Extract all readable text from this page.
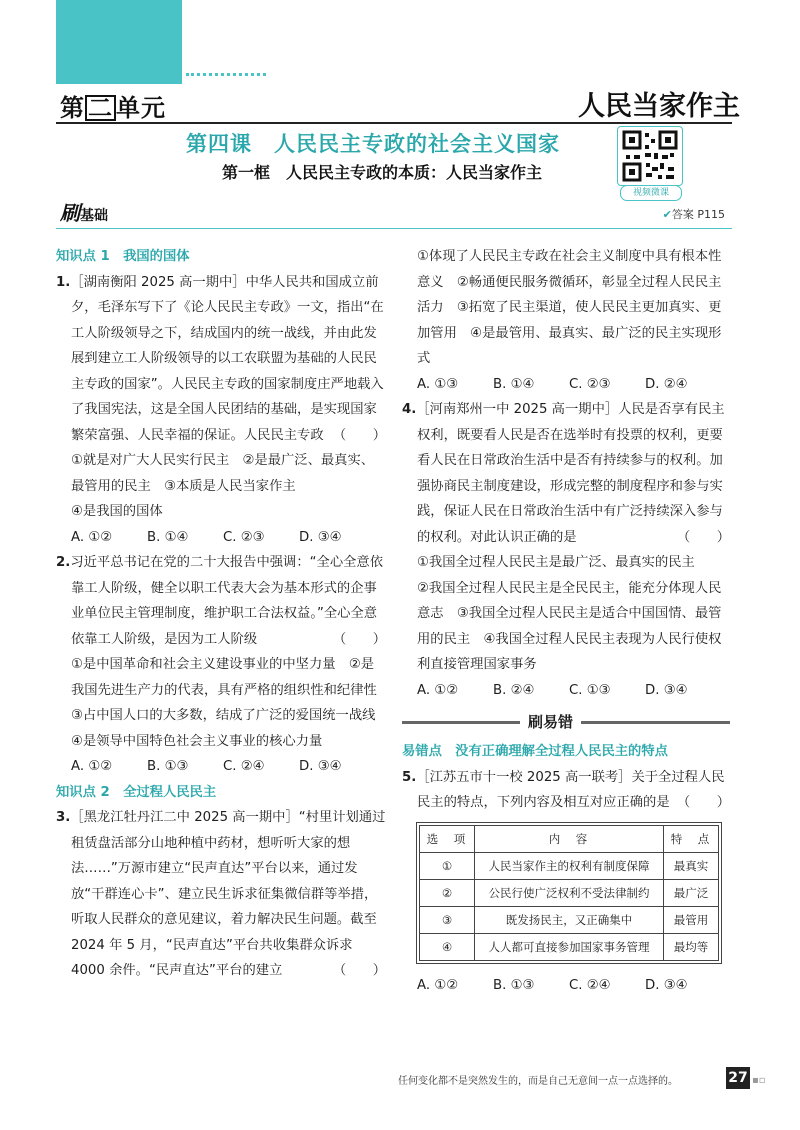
第 二 单元	人民当家作主
第四课　人民民主专政的社会主义国家
第一框　人民民主专政的本质：人民当家作主
视频微课
刷基础	✔答案 P115

知识点 1　我国的国体

1.［湖南衡阳 2025 高一期中］中华人民共和国成立前夕，毛泽东写下了《论人民民主专政》一文，指出“在工人阶级领导之下，结成国内的统一战线，并由此发展到建立工人阶级领导的以工农联盟为基础的人民民主专政的国家”。人民民主专政的国家制度庄严地载入了我国宪法，这是全国人民团结的基础，是实现国家繁荣富强、人民幸福的保证。人民民主专政 （　　）

①就是对广大人民实行民主　②是最广泛、最真实、最管用的民主　③本质是人民当家作主

④是我国的国体

A. ①②	B. ①④	C. ②③	D. ③④

2.习近平总书记在党的二十大报告中强调：“全心全意依靠工人阶级，健全以职工代表大会为基本形式的企事业单位民主管理制度，维护职工合法权益。”全心全意依靠工人阶级，是因为工人阶级	（　　）

①是中国革命和社会主义建设事业的中坚力量　②是我国先进生产力的代表，具有严格的组织性和纪律性　③占中国人口的大多数，结成了广泛的爱国统一战线　④是领导中国特色社会主义事业的核心力量

A. ①②	B. ①③	C. ②④	D. ③④

知识点 2　全过程人民民主

3.［黑龙江牡丹江二中 2025 高一期中］“村里计划通过租赁盘活部分山地种植中药材，想听听大家的想法……”万源市建立“民声直达”平台以来，通过发放“干群连心卡”、建立民生诉求征集微信群等举措，听取人民群众的意见建议，着力解决民生问题。截至 2024 年 5 月，“民声直达”平台共收集群众诉求 4000 余件。“民声直达”平台的建立	（　　）

①体现了人民民主专政在社会主义制度中具有根本性意义　②畅通便民服务微循环，彰显全过程人民民主活力　③拓宽了民主渠道，使人民民主更加真实、更加管用　④是最管用、最真实、最广泛的民主实现形式

A. ①③	B. ①④	C. ②③	D. ②④

4.［河南郑州一中 2025 高一期中］人民是否享有民主权利，既要看人民是否在选举时有投票的权利，更要看人民在日常政治生活中是否有持续参与的权利。加强协商民主制度建设，形成完整的制度程序和参与实践，保证人民在日常政治生活中有广泛持续深入参与的权利。对此认识正确的是	（　　）

①我国全过程人民民主是最广泛、最真实的民主

②我国全过程人民民主是全民民主，能充分体现人民意志　③我国全过程人民民主是适合中国国情、最管用的民主　④我国全过程人民民主表现为人民行使权利直接管理国家事务

A. ①②	B. ②④	C. ①③	D. ③④

刷易错

易错点　没有正确理解全过程人民民主的特点

5.［江苏五市十一校 2025 高一联考］关于全过程人民民主的特点，下列内容及相互对应正确的是 （　　）

选　项	内　容	特　点
①	人民当家作主的权利有制度保障	最真实
②	公民行使广泛权利不受法律制约	最广泛
③	既发扬民主，又正确集中	最管用
④	人人都可直接参加国家事务管理	最均等

A. ①②	B. ①③	C. ②④	D. ③④

任何变化都不是突然发生的，而是自己无意间一点一点选择的。	27 ▪▫
